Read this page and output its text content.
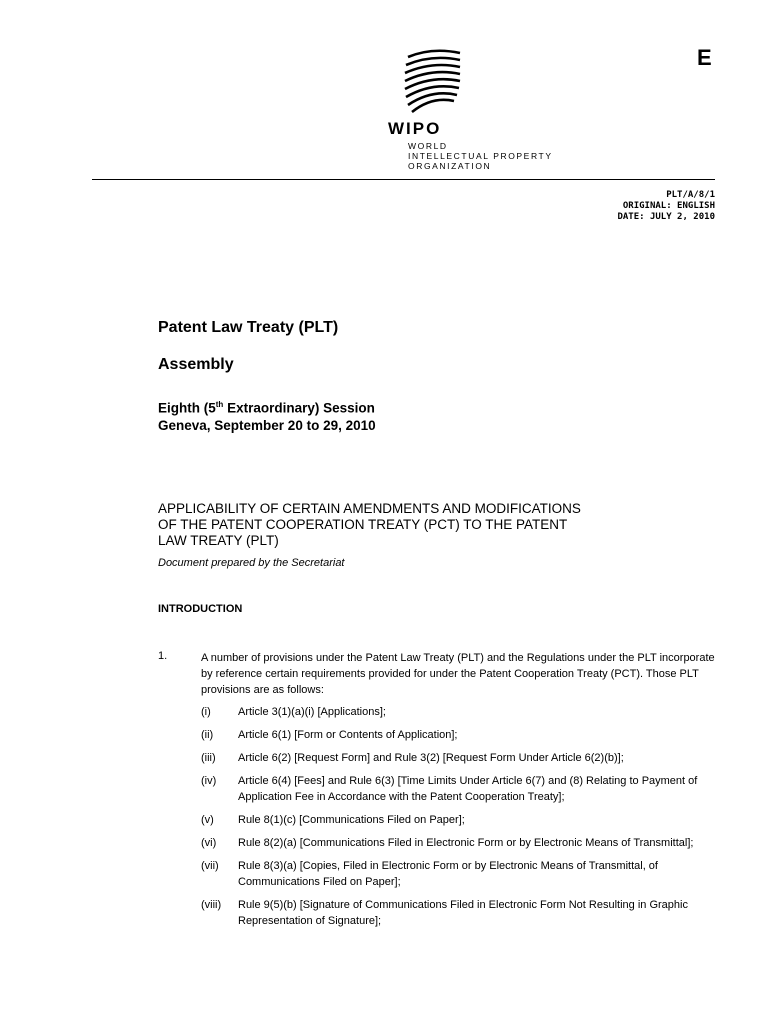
E
WIPO
WORLD
INTELLECTUAL PROPERTY
ORGANIZATION
PLT/A/8/1
ORIGINAL: ENGLISH
DATE: JULY 2, 2010
Patent Law Treaty (PLT)
Assembly
Eighth (5th Extraordinary) Session
Geneva, September 20 to 29, 2010
APPLICABILITY OF CERTAIN AMENDMENTS AND MODIFICATIONS
OF THE PATENT COOPERATION TREATY (PCT) TO THE PATENT
LAW TREATY (PLT)
Document prepared by the Secretariat
INTRODUCTION
1.	A number of provisions under the Patent Law Treaty (PLT) and the Regulations under the PLT incorporate by reference certain requirements provided for under the Patent Cooperation Treaty (PCT). Those PLT provisions are as follows:
(i) Article 3(1)(a)(i) [Applications];
(ii) Article 6(1) [Form or Contents of Application];
(iii) Article 6(2) [Request Form] and Rule 3(2) [Request Form Under Article 6(2)(b)];
(iv) Article 6(4) [Fees] and Rule 6(3) [Time Limits Under Article 6(7) and (8) Relating to Payment of Application Fee in Accordance with the Patent Cooperation Treaty];
(v) Rule 8(1)(c) [Communications Filed on Paper];
(vi) Rule 8(2)(a) [Communications Filed in Electronic Form or by Electronic Means of Transmittal];
(vii) Rule 8(3)(a) [Copies, Filed in Electronic Form or by Electronic Means of Transmittal, of Communications Filed on Paper];
(viii) Rule 9(5)(b) [Signature of Communications Filed in Electronic Form Not Resulting in Graphic Representation of Signature];
